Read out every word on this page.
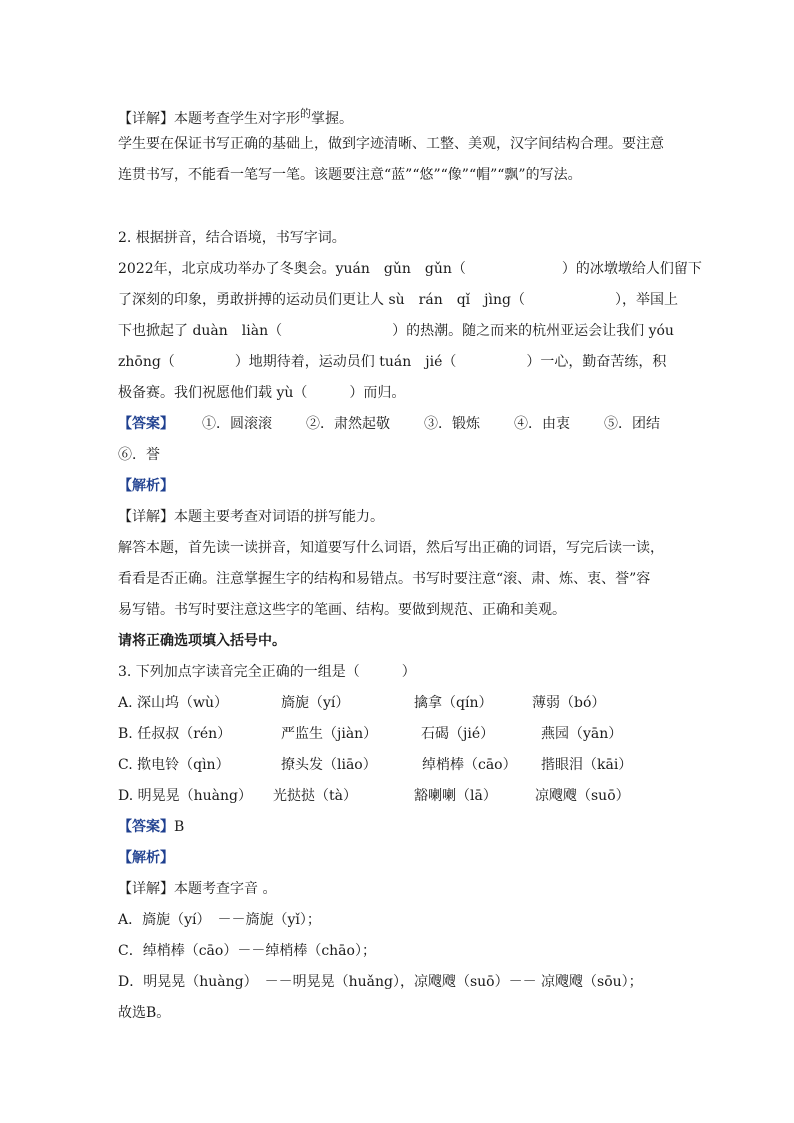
【详解】本题考查学生对字形$^的$掌握。
学生要在保证书写正确的基础上，做到字迹清晰、工整、美观，汉字间结构合理。要注意
连贯书写，不能看一笔写一笔。该题要注意“蓝”“悠”“像”“帽”“飘”的写法。
2. 根据拼音，结合语境，书写字词。
2022年，北京成功举办了冬奥会。yuán　gǔn　gǔn（	）的冰墩墩给人们留下
了深刻的印象，勇敢拼搏的运动员们更让人 sù　rán　qǐ　jìng（	），举国上
下也掀起了 duàn　liàn（	）的热潮。随之而来的杭州亚运会让我们 yóu
zhōng（	）地期待着，运动员们 tuán　jié（	）一心，勤奋苦练，积
极备赛。我们祝愿他们载 yù（	）而归。
【答案】 ①．圆滚滚 ②．肃然起敬 ③．锻炼 ④．由衷 ⑤．团结
⑥．誉
【解析】
【详解】本题主要考查对词语的拼写能力。
解答本题，首先读一读拼音，知道要写什么词语，然后写出正确的词语，写完后读一读，
看看是否正确。注意掌握生字的结构和易错点。书写时要注意“滚、肃、炼、衷、誉”容
易写错。书写时要注意这些字的笔画、结构。要做到规范、正确和美观。
请将正确选项填入括号中。
3. 下列加点字读音完全正确的一组是（　　　）
A. 深山坞（wù）	旖旎（yí）	擒拿（qín）	薄弱（bó）
B. 任叔叔（rén）	严监生（jiàn）	石碣（jié）	燕园（yān）
C. 揿电铃（qìn）	撩头发（liāo）	绰梢棒（cāo） 揩眼泪（kāi）
D. 明晃晃（huàng） 光挞挞（tà）	豁喇喇（lā）	凉飕飕（suō）
【答案】B
【解析】
【详解】本题考查字音 。
A．旖旎（yí）　－－旖旎（yǐ）；
C．绰梢棒（cāo）－－绰梢棒（chāo）；
D．明晃晃（huàng）　－－明晃晃（huǎng），凉飕飕（suō）－－ 凉飕飕（sōu）；
故选B。
